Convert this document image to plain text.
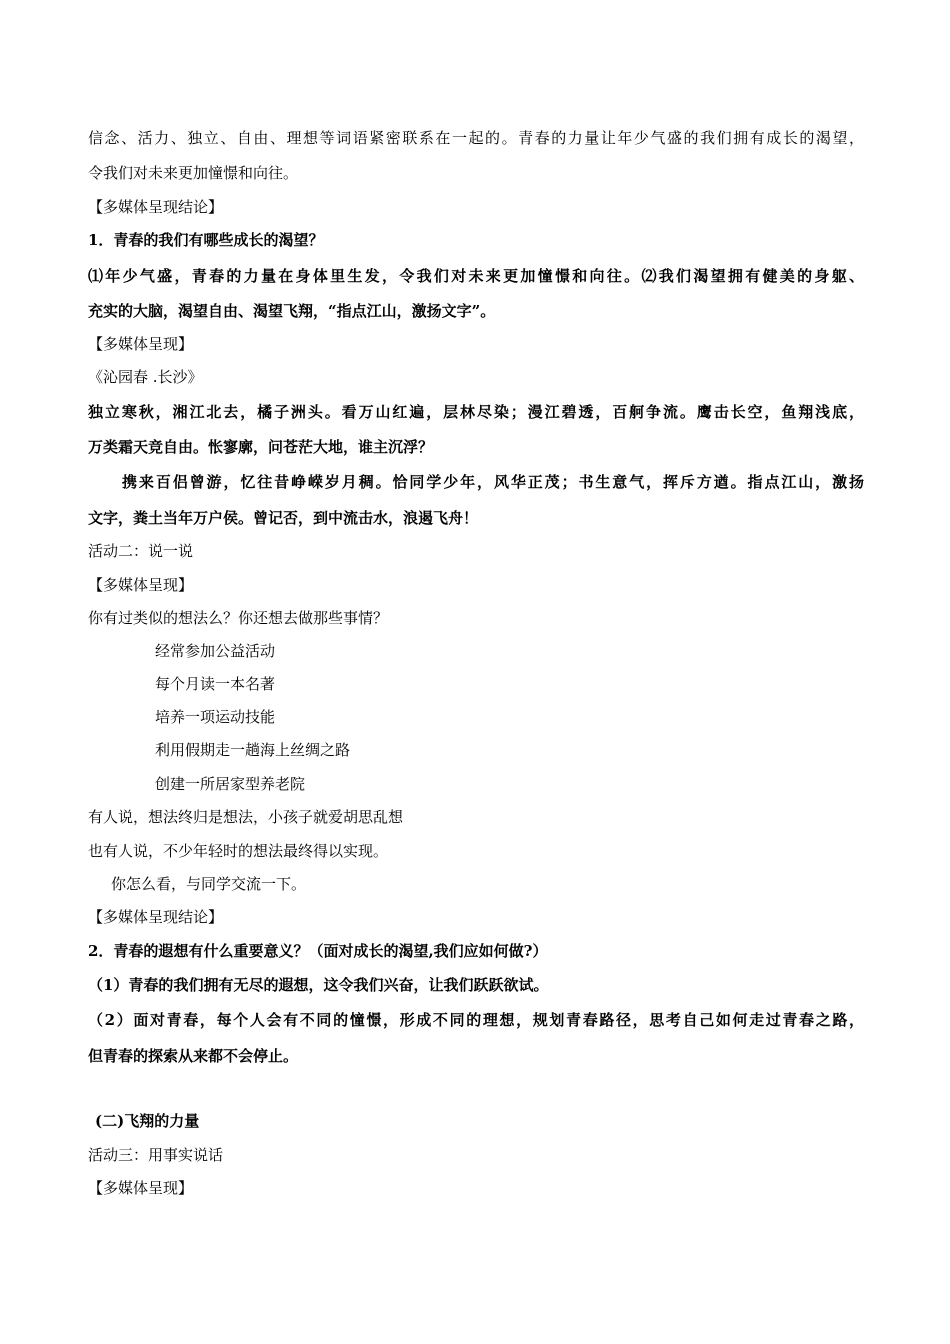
信念、活力、独立、自由、理想等词语紧密联系在一起的。青春的力量让年少气盛的我们拥有成长的渴望，
令我们对未来更加憧憬和向往。
【多媒体呈现结论】
1．青春的我们有哪些成长的渴望？
⑴年少气盛，青春的力量在身体里生发，令我们对未来更加憧憬和向往。⑵我们渴望拥有健美的身躯、
充实的大脑，渴望自由、渴望飞翔，“指点江山，激扬文字”。
【多媒体呈现】
《沁园春 .长沙》
独立寒秋，湘江北去，橘子洲头。看万山红遍，层林尽染；漫江碧透，百舸争流。鹰击长空，鱼翔浅底，
万类霜天竞自由。怅寥廓，问苍茫大地，谁主沉浮？
携来百侣曾游，忆往昔峥嵘岁月稠。恰同学少年，风华正茂；书生意气，挥斥方遒。指点江山，激扬
文字，粪土当年万户侯。曾记否，到中流击水，浪遏飞舟！
活动二：说一说
【多媒体呈现】
你有过类似的想法么？你还想去做那些事情？
经常参加公益活动
每个月读一本名著
培养一项运动技能
利用假期走一趟海上丝绸之路
创建一所居家型养老院
有人说，想法终归是想法，小孩子就爱胡思乱想
也有人说，不少年轻时的想法最终得以实现。
你怎么看，与同学交流一下。
【多媒体呈现结论】
2．青春的遐想有什么重要意义？（面对成长的渴望,我们应如何做?）
（1）青春的我们拥有无尽的遐想，这令我们兴奋，让我们跃跃欲试。
（2）面对青春，每个人会有不同的憧憬，形成不同的理想，规划青春路径，思考自己如何走过青春之路，
但青春的探索从来都不会停止。
(二)飞翔的力量
活动三：用事实说话
【多媒体呈现】
